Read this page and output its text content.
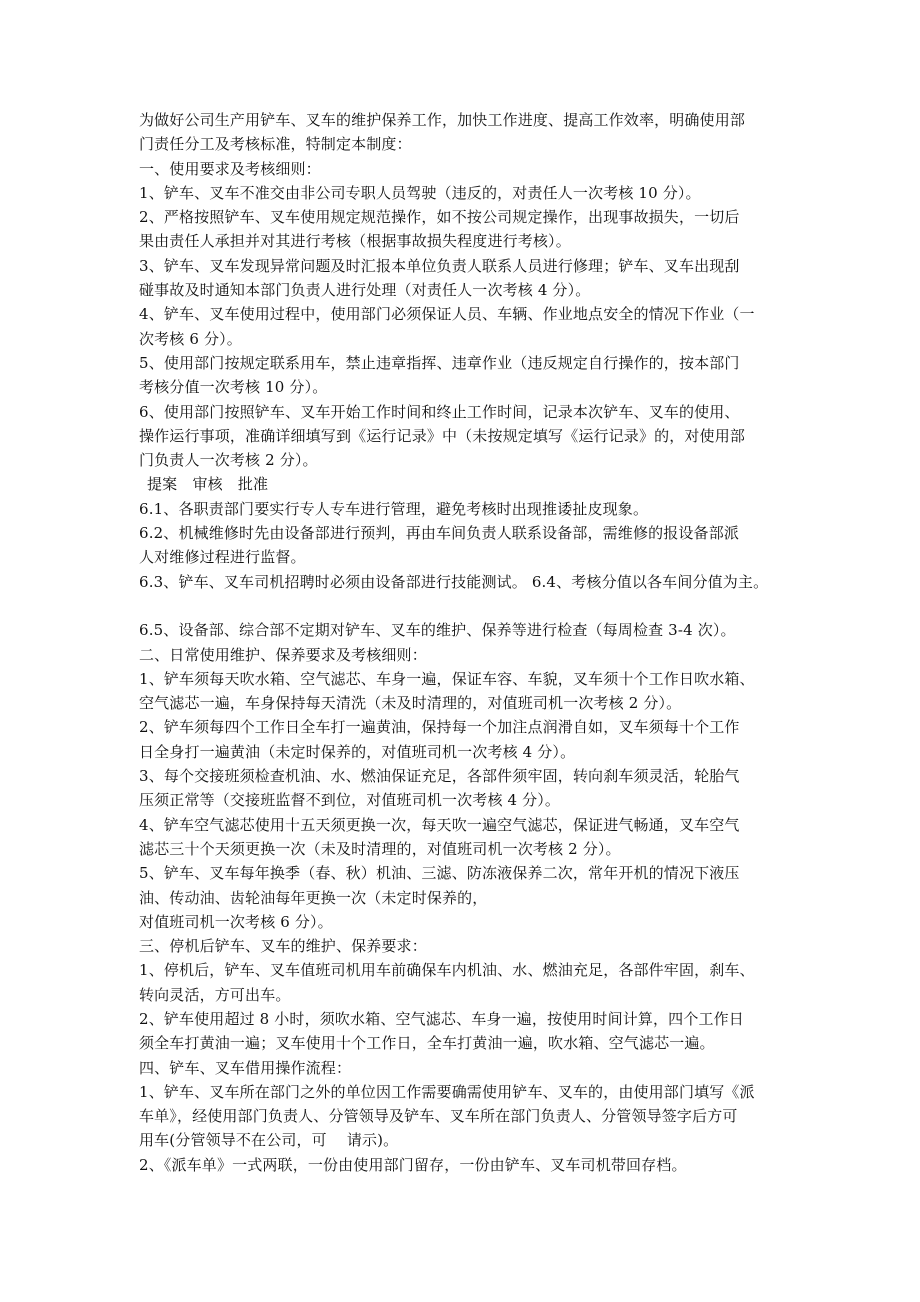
为做好公司生产用铲车、叉车的维护保养工作，加快工作进度、提高工作效率，明确使用部
门责任分工及考核标准，特制定本制度：
一、使用要求及考核细则：
1、铲车、叉车不准交由非公司专职人员驾驶（违反的，对责任人一次考核 10 分）。
2、严格按照铲车、叉车使用规定规范操作，如不按公司规定操作，出现事故损失，一切后
果由责任人承担并对其进行考核（根据事故损失程度进行考核）。
3、铲车、叉车发现异常问题及时汇报本单位负责人联系人员进行修理；铲车、叉车出现刮
碰事故及时通知本部门负责人进行处理（对责任人一次考核 4 分）。
4、铲车、叉车使用过程中，使用部门必须保证人员、车辆、作业地点安全的情况下作业（一
次考核 6 分）。
5、使用部门按规定联系用车，禁止违章指挥、违章作业（违反规定自行操作的，按本部门
考核分值一次考核 10 分）。
6、使用部门按照铲车、叉车开始工作时间和终止工作时间，记录本次铲车、叉车的使用、
操作运行事项，准确详细填写到《运行记录》中（未按规定填写《运行记录》的，对使用部
门负责人一次考核 2 分）。
提案　审核　批准
6.1、各职责部门要实行专人专车进行管理，避免考核时出现推诿扯皮现象。
6.2、机械维修时先由设备部进行预判，再由车间负责人联系设备部，需维修的报设备部派
人对维修过程进行监督。
6.3、铲车、叉车司机招聘时必须由设备部进行技能测试。 6.4、考核分值以各车间分值为主。
6.5、设备部、综合部不定期对铲车、叉车的维护、保养等进行检查（每周检查 3-4 次）。
二、日常使用维护、保养要求及考核细则：
1、铲车须每天吹水箱、空气滤芯、车身一遍，保证车容、车貌，叉车须十个工作日吹水箱、
空气滤芯一遍，车身保持每天清洗（未及时清理的，对值班司机一次考核 2 分）。
2、铲车须每四个工作日全车打一遍黄油，保持每一个加注点润滑自如，叉车须每十个工作
日全身打一遍黄油（未定时保养的，对值班司机一次考核 4 分）。
3、每个交接班须检查机油、水、燃油保证充足，各部件须牢固，转向刹车须灵活，轮胎气
压须正常等（交接班监督不到位，对值班司机一次考核 4 分）。
4、铲车空气滤芯使用十五天须更换一次，每天吹一遍空气滤芯，保证进气畅通，叉车空气
滤芯三十个天须更换一次（未及时清理的，对值班司机一次考核 2 分）。
5、铲车、叉车每年换季（春、秋）机油、三滤、防冻液保养二次，常年开机的情况下液压
油、传动油、齿轮油每年更换一次（未定时保养的，
对值班司机一次考核 6 分）。
三、停机后铲车、叉车的维护、保养要求：
1、停机后，铲车、叉车值班司机用车前确保车内机油、水、燃油充足，各部件牢固，刹车、
转向灵活，方可出车。
2、铲车使用超过 8 小时，须吹水箱、空气滤芯、车身一遍，按使用时间计算，四个工作日
须全车打黄油一遍；叉车使用十个工作日，全车打黄油一遍，吹水箱、空气滤芯一遍。
四、铲车、叉车借用操作流程：
1、铲车、叉车所在部门之外的单位因工作需要确需使用铲车、叉车的，由使用部门填写《派
车单》，经使用部门负责人、分管领导及铲车、叉车所在部门负责人、分管领导签字后方可
用车(分管领导不在公司，可　 请示)。
2、《派车单》一式两联，一份由使用部门留存，一份由铲车、叉车司机带回存档。
